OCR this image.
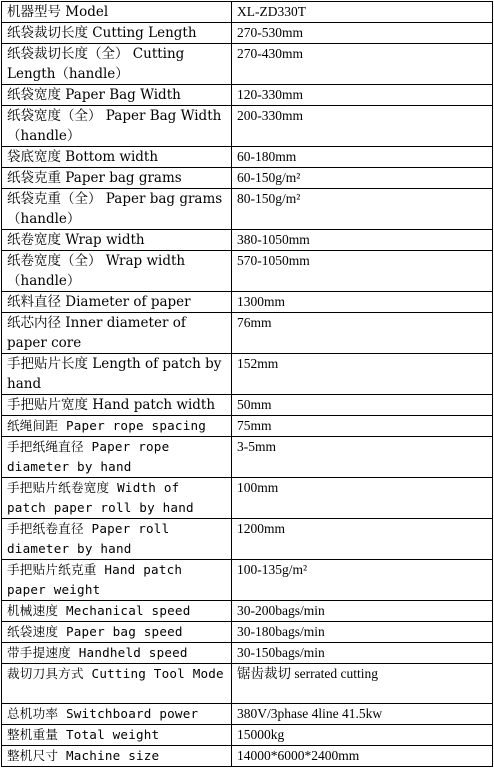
机器型号 Model	XL-ZD330T
纸袋裁切长度 Cutting Length	270-530mm
纸袋裁切长度（全） Cutting Length（handle）	270-430mm
纸袋宽度 Paper Bag Width	120-330mm
纸袋宽度（全） Paper Bag Width （handle）	200-330mm
袋底宽度 Bottom width	60-180mm
纸袋克重 Paper bag grams	60-150g/m²
纸袋克重（全） Paper bag grams （handle）	80-150g/m²
纸卷宽度 Wrap width	380-1050mm
纸卷宽度（全） Wrap width （handle）	570-1050mm
纸料直径 Diameter of paper	1300mm
纸芯内径 Inner diameter of paper core	76mm
手把贴片长度 Length of patch by hand	152mm
手把贴片宽度 Hand patch width	50mm
纸绳间距 Paper rope spacing	75mm
手把纸绳直径 Paper rope diameter by hand	3-5mm
手把贴片纸卷宽度 Width of patch paper roll by hand	100mm
手把纸卷直径 Paper roll diameter by hand	1200mm
手把贴片纸克重 Hand patch paper weight	100-135g/m²
机械速度 Mechanical speed	30-200bags/min
纸袋速度 Paper bag speed	30-180bags/min
带手提速度 Handheld speed	30-150bags/min
裁切刀具方式 Cutting Tool Mode	锯齿裁切 serrated cutting
总机功率 Switchboard power	380V/3phase 4line 41.5kw
整机重量 Total weight	15000kg
整机尺寸 Machine size	14000*6000*2400mm
